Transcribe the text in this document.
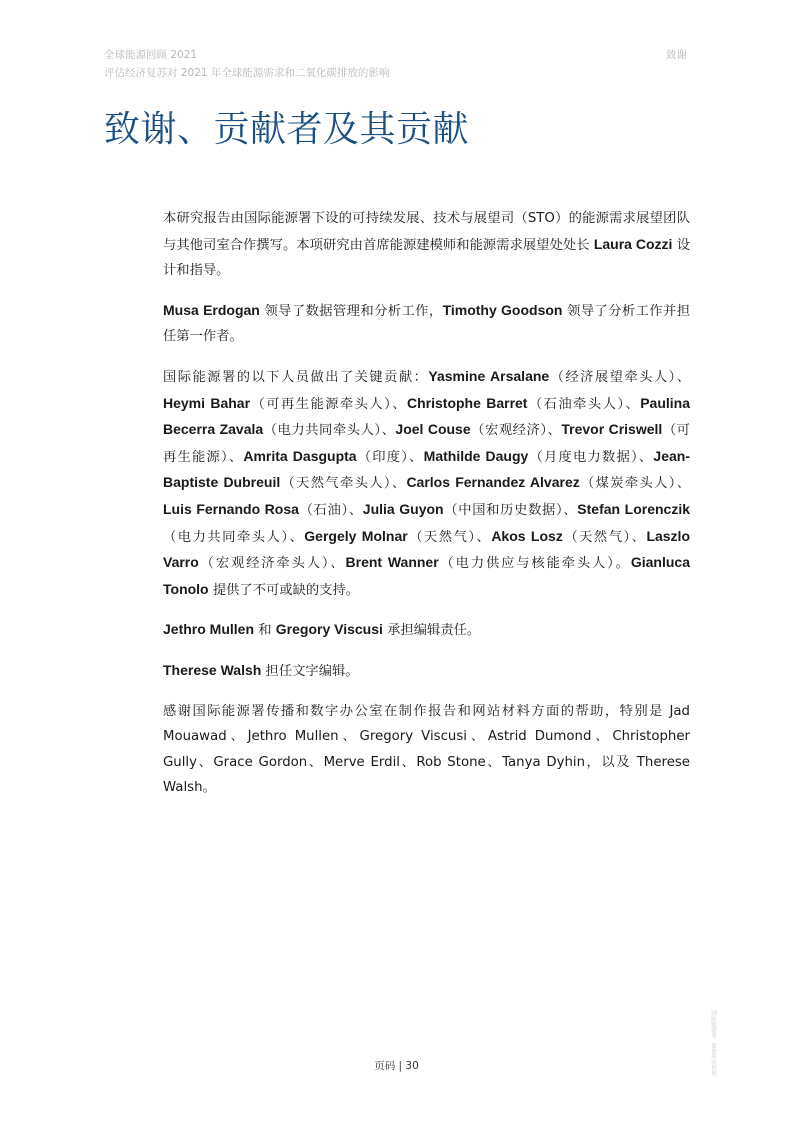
全球能源回顾 2021
评估经济复苏对 2021 年全球能源需求和二氧化碳排放的影响
致谢
致谢、贡献者及其贡献

本研究报告由国际能源署下设的可持续发展、技术与展望司（STO）的能源需求展望团队与其他司室合作撰写。本项研究由首席能源建模师和能源需求展望处处长 Laura Cozzi 设计和指导。

Musa Erdogan 领导了数据管理和分析工作，Timothy Goodson 领导了分析工作并担任第一作者。

国际能源署的以下人员做出了关键贡献：Yasmine Arsalane（经济展望牵头人）、Heymi Bahar（可再生能源牵头人）、Christophe Barret（石油牵头人）、Paulina Becerra Zavala（电力共同牵头人）、Joel Couse（宏观经济）、Trevor Criswell（可再生能源）、Amrita Dasgupta（印度）、Mathilde Daugy（月度电力数据）、Jean-Baptiste Dubreuil（天然气牵头人）、Carlos Fernandez Alvarez（煤炭牵头人）、Luis Fernando Rosa（石油）、Julia Guyon（中国和历史数据）、Stefan Lorenczik（电力共同牵头人）、Gergely Molnar（天然气）、Akos Losz（天然气）、Laszlo Varro（宏观经济牵头人）、Brent Wanner（电力供应与核能牵头人）。Gianluca Tonolo 提供了不可或缺的支持。

Jethro Mullen 和 Gregory Viscusi 承担编辑责任。

Therese Walsh 担任文字编辑。

感谢国际能源署传播和数字办公室在制作报告和网站材料方面的帮助，特别是 Jad Mouawad、Jethro Mullen、Gregory Viscusi、Astrid Dumond、Christopher Gully、Grace Gordon、Merve Erdil、Rob Stone、Tanya Dyhin，以及 Therese Walsh。

页码 | 30	国际能源署。保留所有权利。
